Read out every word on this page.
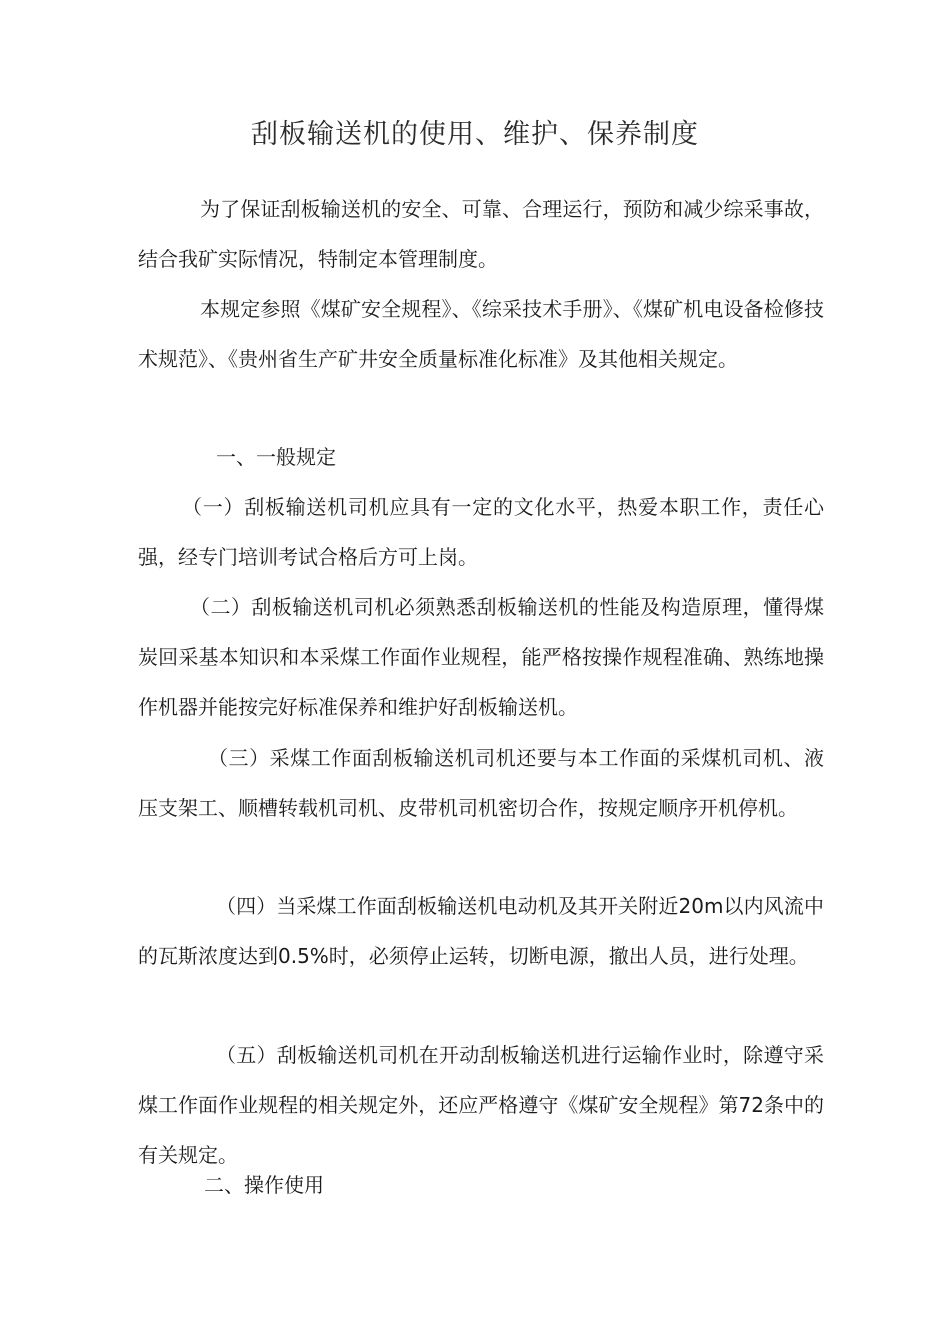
刮板输送机的使用、维护、保养制度

为了保证刮板输送机的安全、可靠、合理运行，预防和减少综采事故，结合我矿实际情况，特制定本管理制度。

本规定参照《煤矿安全规程》、《综采技术手册》、《煤矿机电设备检修技术规范》、《贵州省生产矿井安全质量标准化标准》及其他相关规定。

一、一般规定

（一）刮板输送机司机应具有一定的文化水平，热爱本职工作，责任心强，经专门培训考试合格后方可上岗。

（二）刮板输送机司机必须熟悉刮板输送机的性能及构造原理，懂得煤炭回采基本知识和本采煤工作面作业规程，能严格按操作规程准确、熟练地操作机器并能按完好标准保养和维护好刮板输送机。

（三）采煤工作面刮板输送机司机还要与本工作面的采煤机司机、液压支架工、顺槽转载机司机、皮带机司机密切合作，按规定顺序开机停机。

（四）当采煤工作面刮板输送机电动机及其开关附近20m以内风流中的瓦斯浓度达到0.5%时，必须停止运转，切断电源，撤出人员，进行处理。

（五）刮板输送机司机在开动刮板输送机进行运输作业时，除遵守采煤工作面作业规程的相关规定外，还应严格遵守《煤矿安全规程》第72条中的有关规定。

二、操作使用
